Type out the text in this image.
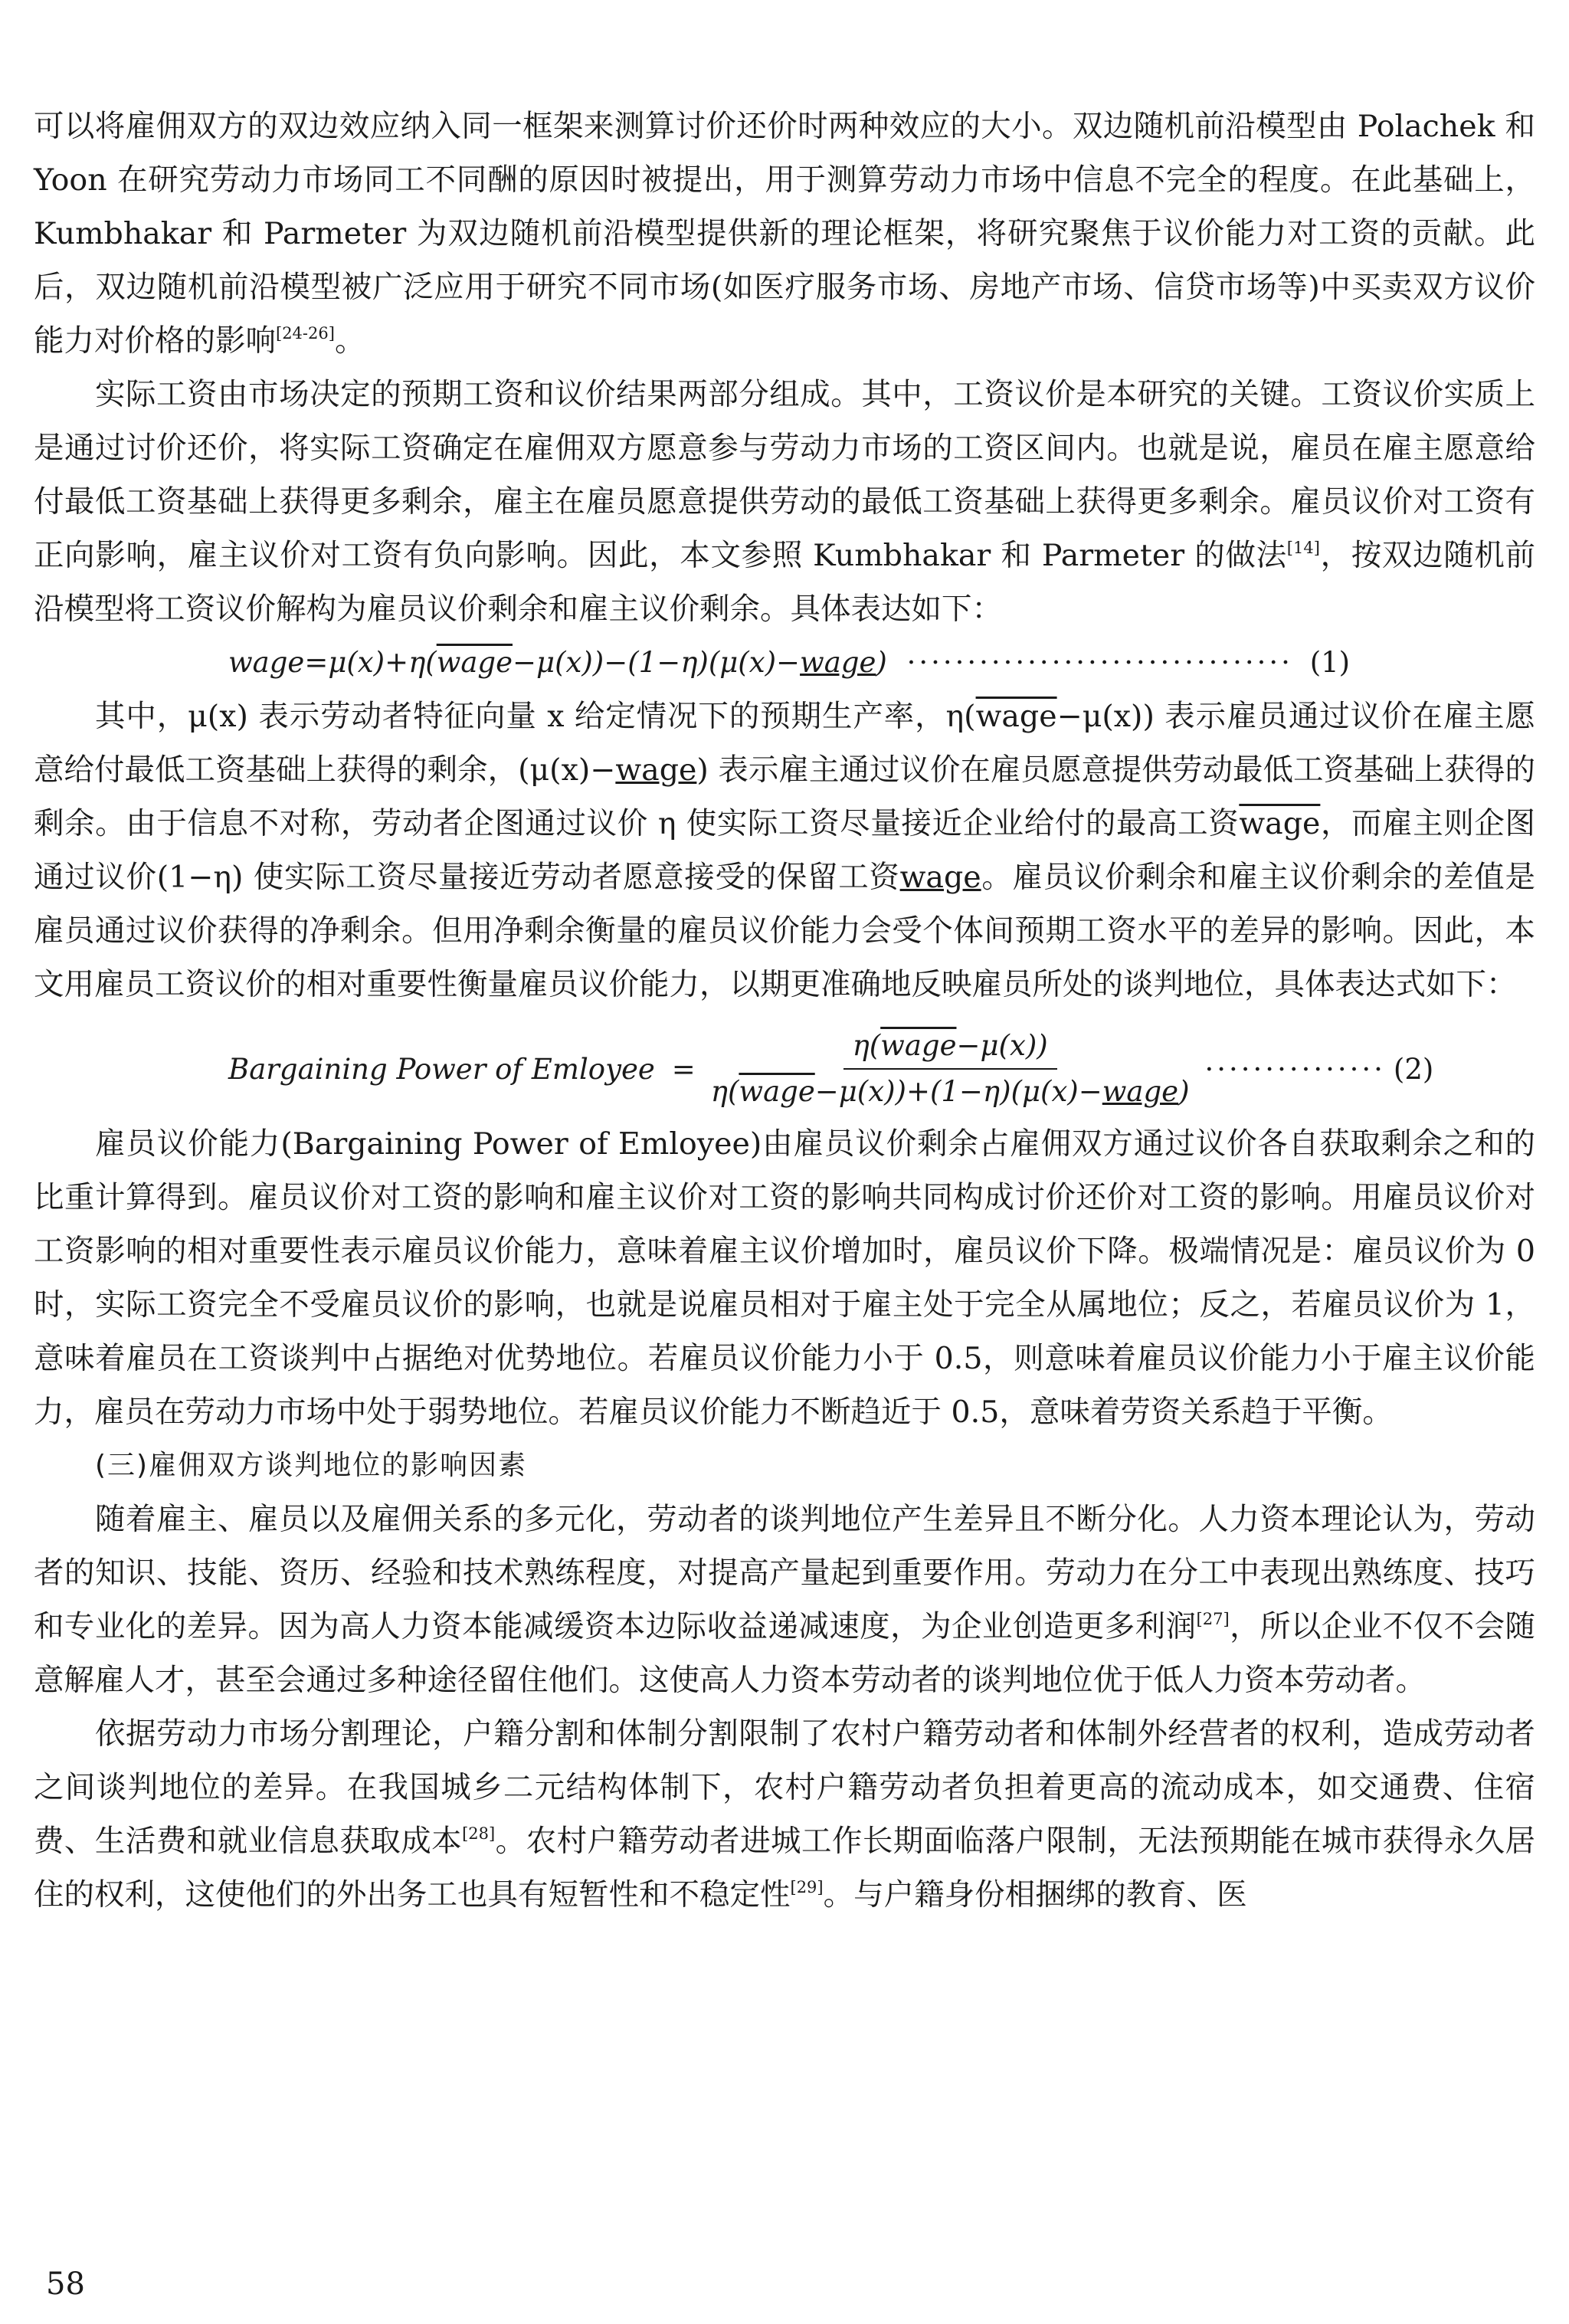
可以将雇佣双方的双边效应纳入同一框架来测算讨价还价时两种效应的大小。双边随机前沿模型由 Polachek 和 Yoon 在研究劳动力市场同工不同酬的原因时被提出，用于测算劳动力市场中信息不完全的程度。在此基础上，Kumbhakar 和 Parmeter 为双边随机前沿模型提供新的理论框架，将研究聚焦于议价能力对工资的贡献。此后，双边随机前沿模型被广泛应用于研究不同市场(如医疗服务市场、房地产市场、信贷市场等)中买卖双方议价能力对价格的影响[24-26]。

实际工资由市场决定的预期工资和议价结果两部分组成。其中，工资议价是本研究的关键。工资议价实质上是通过讨价还价，将实际工资确定在雇佣双方愿意参与劳动力市场的工资区间内。也就是说，雇员在雇主愿意给付最低工资基础上获得更多剩余，雇主在雇员愿意提供劳动的最低工资基础上获得更多剩余。雇员议价对工资有正向影响，雇主议价对工资有负向影响。因此，本文参照 Kumbhakar 和 Parmeter 的做法[14]，按双边随机前沿模型将工资议价解构为雇员议价剩余和雇主议价剩余。具体表达如下：

wage=μ(x)+η(wage−μ(x))−(1−η)(μ(x)−wage) ································ (1)

其中，μ(x) 表示劳动者特征向量 x 给定情况下的预期生产率，η(wage−μ(x)) 表示雇员通过议价在雇主愿意给付最低工资基础上获得的剩余，(μ(x)−wage) 表示雇主通过议价在雇员愿意提供劳动最低工资基础上获得的剩余。由于信息不对称，劳动者企图通过议价 η 使实际工资尽量接近企业给付的最高工资wage，而雇主则企图通过议价(1−η) 使实际工资尽量接近劳动者愿意接受的保留工资wage。雇员议价剩余和雇主议价剩余的差值是雇员通过议价获得的净剩余。但用净剩余衡量的雇员议价能力会受个体间预期工资水平的差异的影响。因此，本文用雇员工资议价的相对重要性衡量雇员议价能力，以期更准确地反映雇员所处的谈判地位，具体表达式如下：

Bargaining Power of Emloyee = $\frac{\text{η(wage−μ(x))}}{\text{η(wage−μ(x))+(1−η)(μ(x)−wage)}}$ ··············· (2)

雇员议价能力(Bargaining Power of Emloyee)由雇员议价剩余占雇佣双方通过议价各自获取剩余之和的比重计算得到。雇员议价对工资的影响和雇主议价对工资的影响共同构成讨价还价对工资的影响。用雇员议价对工资影响的相对重要性表示雇员议价能力，意味着雇主议价增加时，雇员议价下降。极端情况是：雇员议价为 0 时，实际工资完全不受雇员议价的影响，也就是说雇员相对于雇主处于完全从属地位；反之，若雇员议价为 1，意味着雇员在工资谈判中占据绝对优势地位。若雇员议价能力小于 0.5，则意味着雇员议价能力小于雇主议价能力，雇员在劳动力市场中处于弱势地位。若雇员议价能力不断趋近于 0.5，意味着劳资关系趋于平衡。

(三)雇佣双方谈判地位的影响因素

随着雇主、雇员以及雇佣关系的多元化，劳动者的谈判地位产生差异且不断分化。人力资本理论认为，劳动者的知识、技能、资历、经验和技术熟练程度，对提高产量起到重要作用。劳动力在分工中表现出熟练度、技巧和专业化的差异。因为高人力资本能减缓资本边际收益递减速度，为企业创造更多利润[27]，所以企业不仅不会随意解雇人才，甚至会通过多种途径留住他们。这使高人力资本劳动者的谈判地位优于低人力资本劳动者。

依据劳动力市场分割理论，户籍分割和体制分割限制了农村户籍劳动者和体制外经营者的权利，造成劳动者之间谈判地位的差异。在我国城乡二元结构体制下，农村户籍劳动者负担着更高的流动成本，如交通费、住宿费、生活费和就业信息获取成本[28]。农村户籍劳动者进城工作长期面临落户限制，无法预期能在城市获得永久居住的权利，这使他们的外出务工也具有短暂性和不稳定性[29]。与户籍身份相捆绑的教育、医

58
